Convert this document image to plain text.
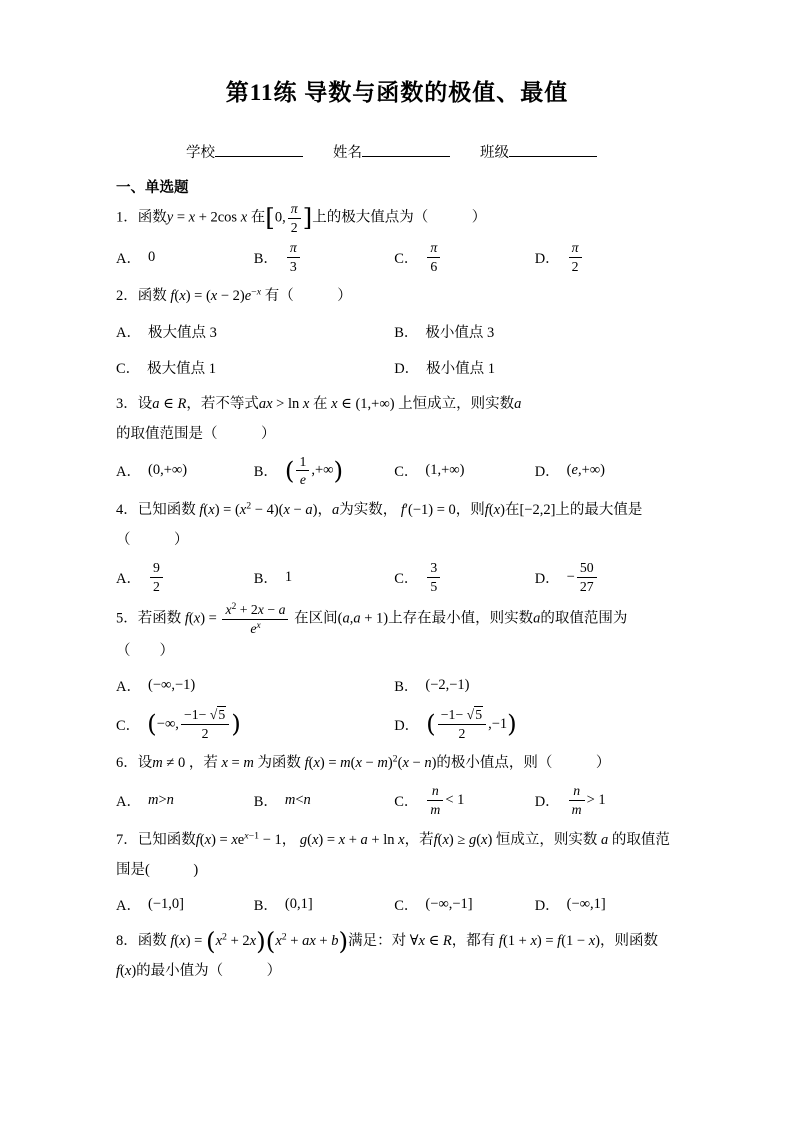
第11练 导数与函数的极值、最值
学校	姓名	班级
一、单选题
1．函数y = x + 2cos x 在[0, $\frac{\pi}{2}$ ]上的极大值点为（　　　）
A． 0	B． $\frac{\pi}{3}$	C． $\frac{\pi}{6}$	D． $\frac{\pi}{2}$
2．函数 $f(x) = (x - 2)e^{-x}$ 有（　　　）
A． 极大值点 3	B． 极小值点 3
C． 极大值点 1	D． 极小值点 1
3．设a ∈ R，若不等式ax > ln x 在 x ∈ (1,+∞) 上恒成立，则实数a的取值范围是（　　　）
A． (0,+∞)	B． ( $\frac{1}{e}$ ,+∞ )	C． (1,+∞)	D． ( e ,+∞)
4．已知函数 $f(x) = (x^2 - 4)(x - a)$，a为实数， f′(−1) = 0，则f(x)在[−2,2]上的最大值是
（　　　）
A． $\frac{9}{2}$	B． 1	C． $\frac{3}{5}$	D． − $\frac{50}{27}$
5．若函数 $f(x) = \frac{x^2 + 2x - a}{e^x}$ 在区间(a,a + 1)上存在最小值，则实数a的取值范围为
（　　）
A． (−∞,−1)	B． (−2,−1)
C． ( −∞, $\frac{-1- √5}{2}$ )	D． ( $\frac{-1- √5}{2} ,-1$ )
6．设m ≠ 0 ，若 x = m 为函数 $f(x) = m(x - m)^2(x - n)$的极小值点，则（　　　）
A． m > n	B． m < n	C． $\frac{n}{m} < 1$	D． $\frac{n}{m} > 1$
7．已知函数$f(x) = xe^{x-1} - 1$， g(x) = x + a + ln x，若f(x) ≥ g(x) 恒成立，则实数 a 的取值范
围是(　　　)
A． (−1,0]	B． (0,1]	C． (−∞,−1]	D． (−∞,1]
8．函数 $f(x) = (x^2 + 2x)(x^2$ + ax + b)满足：对 ∀x ∈ R，都有 f(1 + x) = f(1 − x)，则函数
f(x)的最小值为（　　　）
